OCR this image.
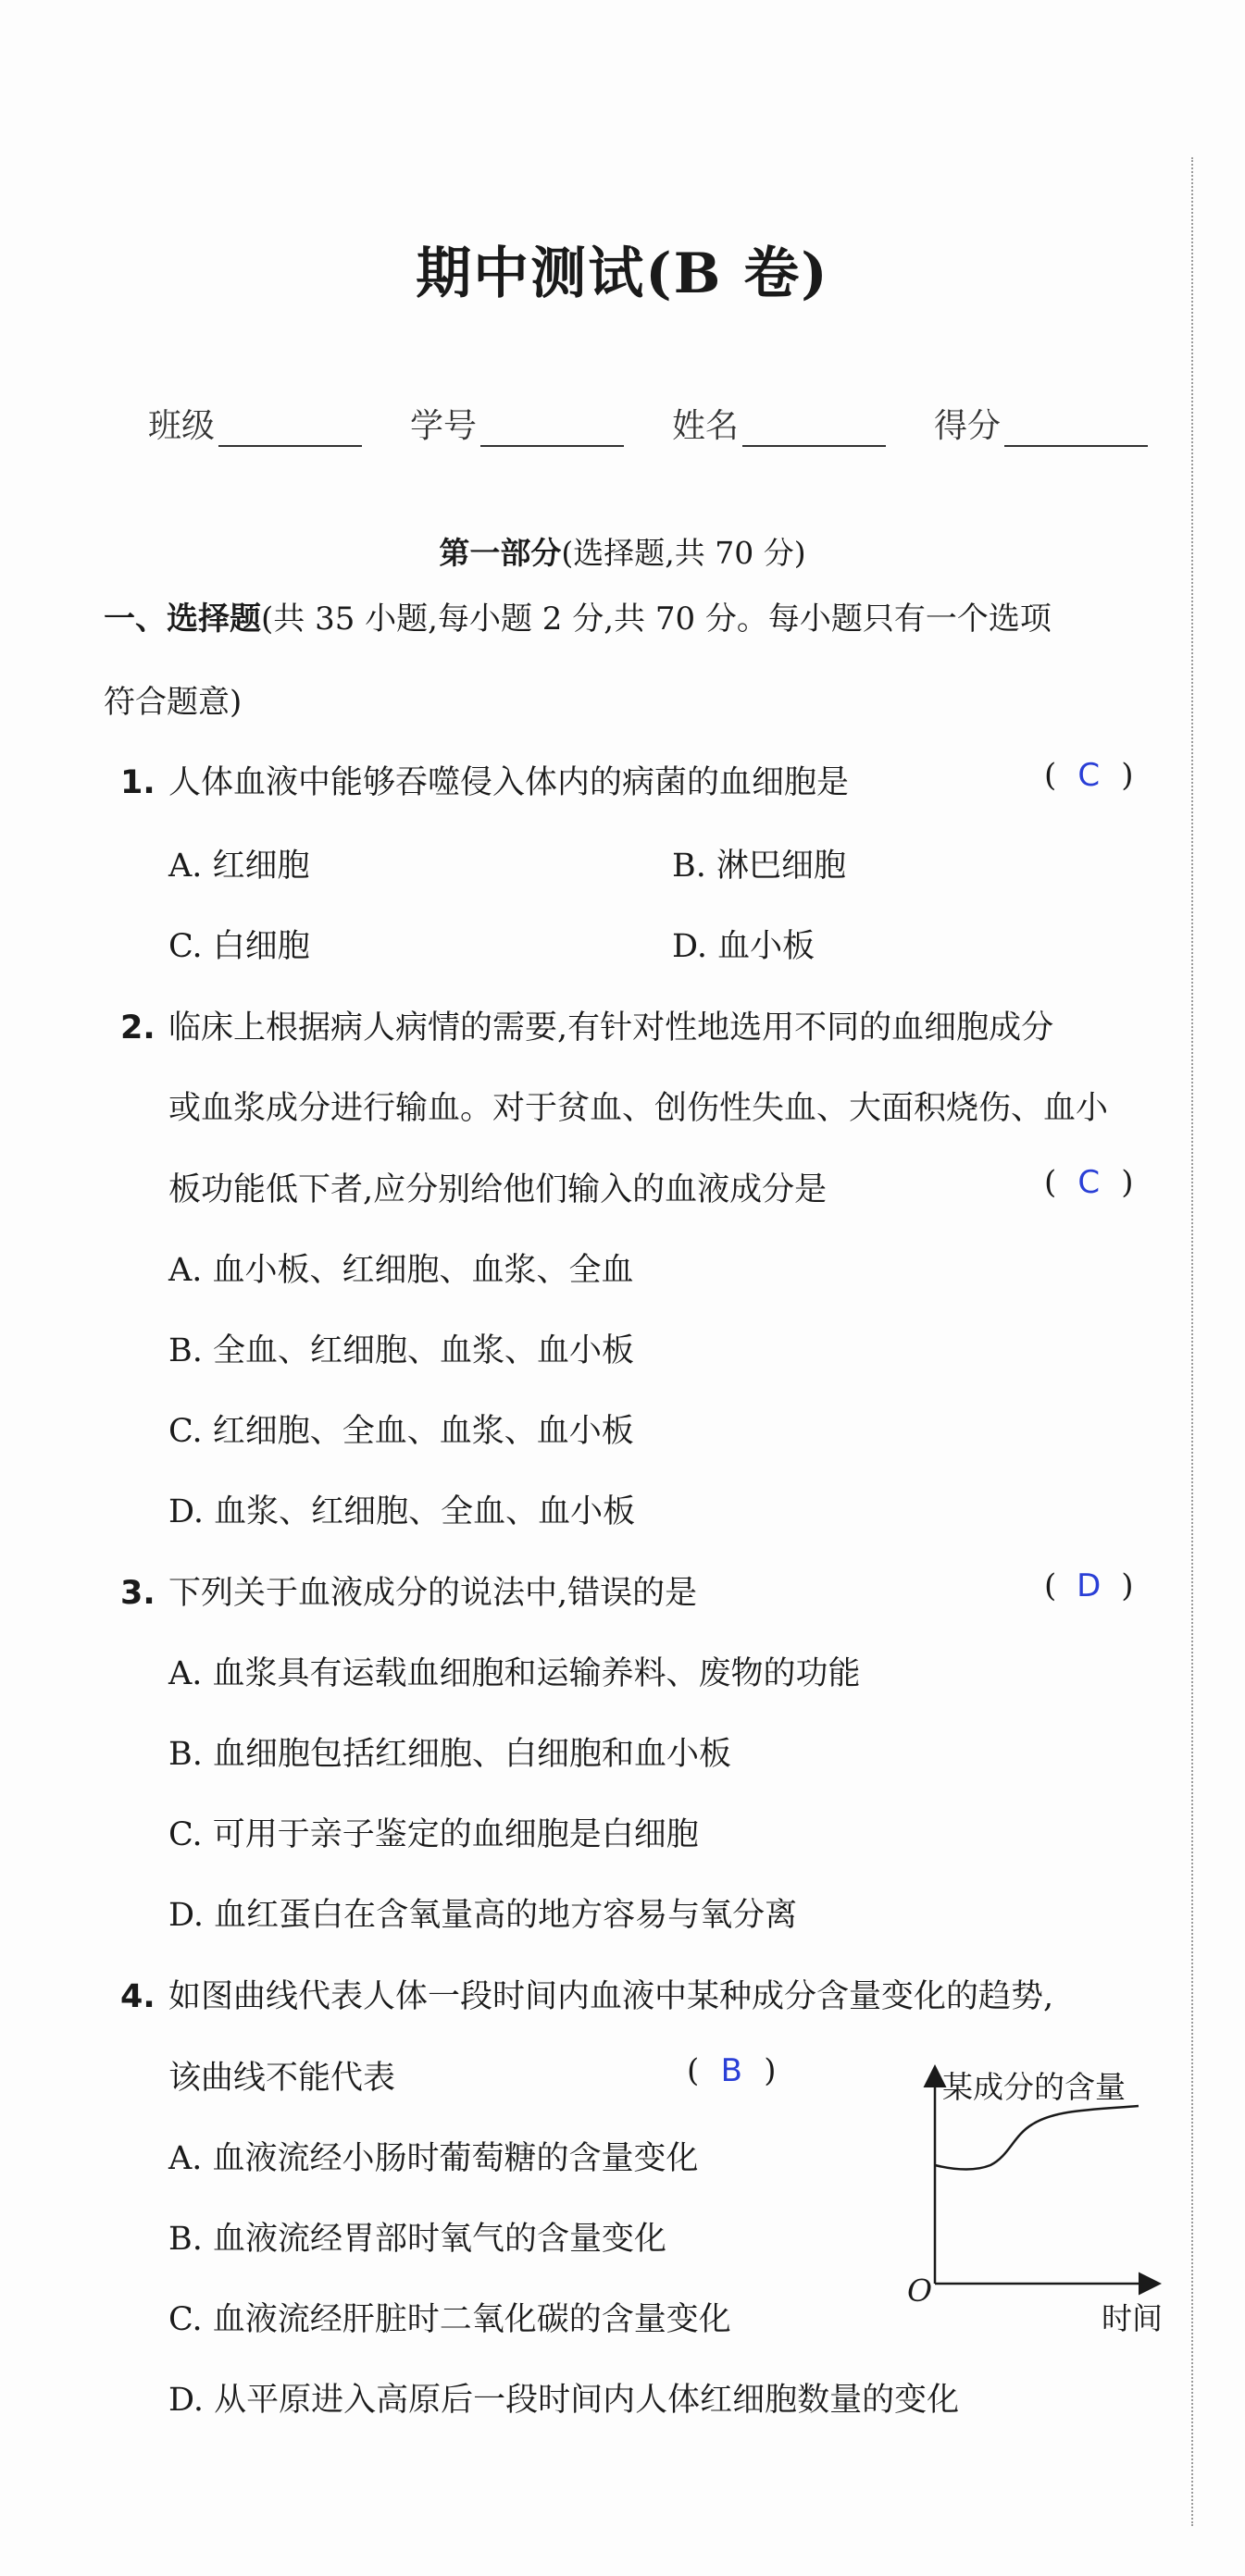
期中测试(B 卷)
班级	学号	姓名	得分
第一部分(选择题,共 70 分)
一、选择题(共 35 小题,每小题 2 分,共 70 分。每小题只有一个选项
符合题意)
1. 人体血液中能够吞噬侵入体内的病菌的血细胞是	( C )
A. 红细胞	B. 淋巴细胞
C. 白细胞	D. 血小板
2. 临床上根据病人病情的需要,有针对性地选用不同的血细胞成分
或血浆成分进行输血。对于贫血、创伤性失血、大面积烧伤、血小
板功能低下者,应分别给他们输入的血液成分是	( C )
A. 血小板、红细胞、血浆、全血
B. 全血、红细胞、血浆、血小板
C. 红细胞、全血、血浆、血小板
D. 血浆、红细胞、全血、血小板
3. 下列关于血液成分的说法中,错误的是	( D )
A. 血浆具有运载血细胞和运输养料、废物的功能
B. 血细胞包括红细胞、白细胞和血小板
C. 可用于亲子鉴定的血细胞是白细胞
D. 血红蛋白在含氧量高的地方容易与氧分离
4. 如图曲线代表人体一段时间内血液中某种成分含量变化的趋势,
该曲线不能代表	( B )
A. 血液流经小肠时葡萄糖的含量变化
B. 血液流经胃部时氧气的含量变化
C. 血液流经肝脏时二氧化碳的含量变化
D. 从平原进入高原后一段时间内人体红细胞数量的变化
某成分的含量
O
时间
